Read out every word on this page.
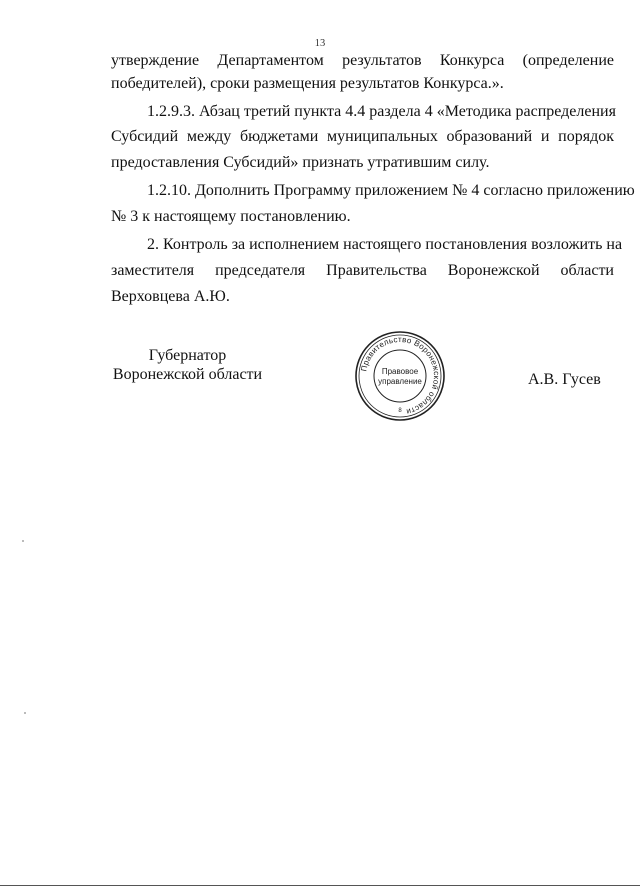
13
утверждение Департаментом результатов Конкурса (определение
победителей), сроки размещения результатов Конкурса.».
1.2.9.3. Абзац третий пункта 4.4 раздела 4 «Методика распределения
Субсидий между бюджетами муниципальных образований и порядок
предоставления Субсидий» признать утратившим силу.
1.2.10. Дополнить Программу приложением № 4 согласно приложению
№ 3 к настоящему постановлению.
2. Контроль за исполнением настоящего постановления возложить на
заместителя председателя Правительства Воронежской области
Верховцева А.Ю.
Губернатор
Воронежской области	Правительство Воронежской области
Правовое
управление
8
А.В. Гусев
